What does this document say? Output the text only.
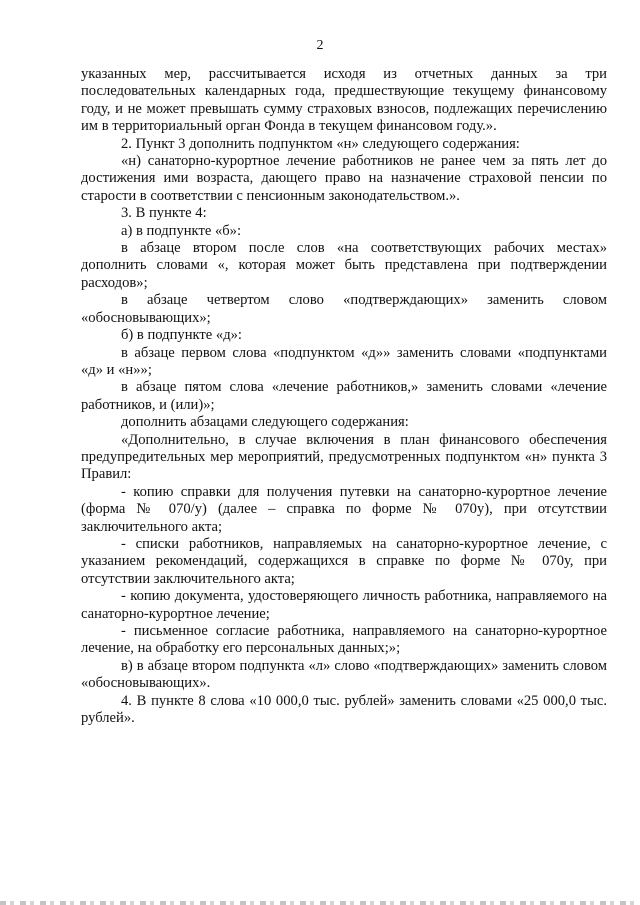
2

указанных мер, рассчитывается исходя из отчетных данных за три последовательных календарных года, предшествующие текущему финансовому году, и не может превышать сумму страховых взносов, подлежащих перечислению им в территориальный орган Фонда в текущем финансовом году.».

2. Пункт 3 дополнить подпунктом «н» следующего содержания:

«н) санаторно-курортное лечение работников не ранее чем за пять лет до достижения ими возраста, дающего право на назначение страховой пенсии по старости в соответствии с пенсионным законодательством.».

3. В пункте 4:

а) в подпункте «б»:

в абзаце втором после слов «на соответствующих рабочих местах» дополнить словами «, которая может быть представлена при подтверждении расходов»;

в абзаце четвертом слово «подтверждающих» заменить словом «обосновывающих»;

б) в подпункте «д»:

в абзаце первом слова «подпунктом «д»» заменить словами «подпунктами «д» и «н»»;

в абзаце пятом слова «лечение работников,» заменить словами «лечение работников, и (или)»;

дополнить абзацами следующего содержания:

«Дополнительно, в случае включения в план финансового обеспечения предупредительных мер мероприятий, предусмотренных подпунктом «н» пункта 3 Правил:

- копию справки для получения путевки на санаторно-курортное лечение (форма № 070/у) (далее – справка по форме № 070у), при отсутствии заключительного акта;

- списки работников, направляемых на санаторно-курортное лечение, с указанием рекомендаций, содержащихся в справке по форме № 070у, при отсутствии заключительного акта;

- копию документа, удостоверяющего личность работника, направляемого на санаторно-курортное лечение;

- письменное согласие работника, направляемого на санаторно-курортное лечение, на обработку его персональных данных;»;

в) в абзаце втором подпункта «л» слово «подтверждающих» заменить словом «обосновывающих».

4. В пункте 8 слова «10 000,0 тыс. рублей» заменить словами «25 000,0 тыс. рублей».
